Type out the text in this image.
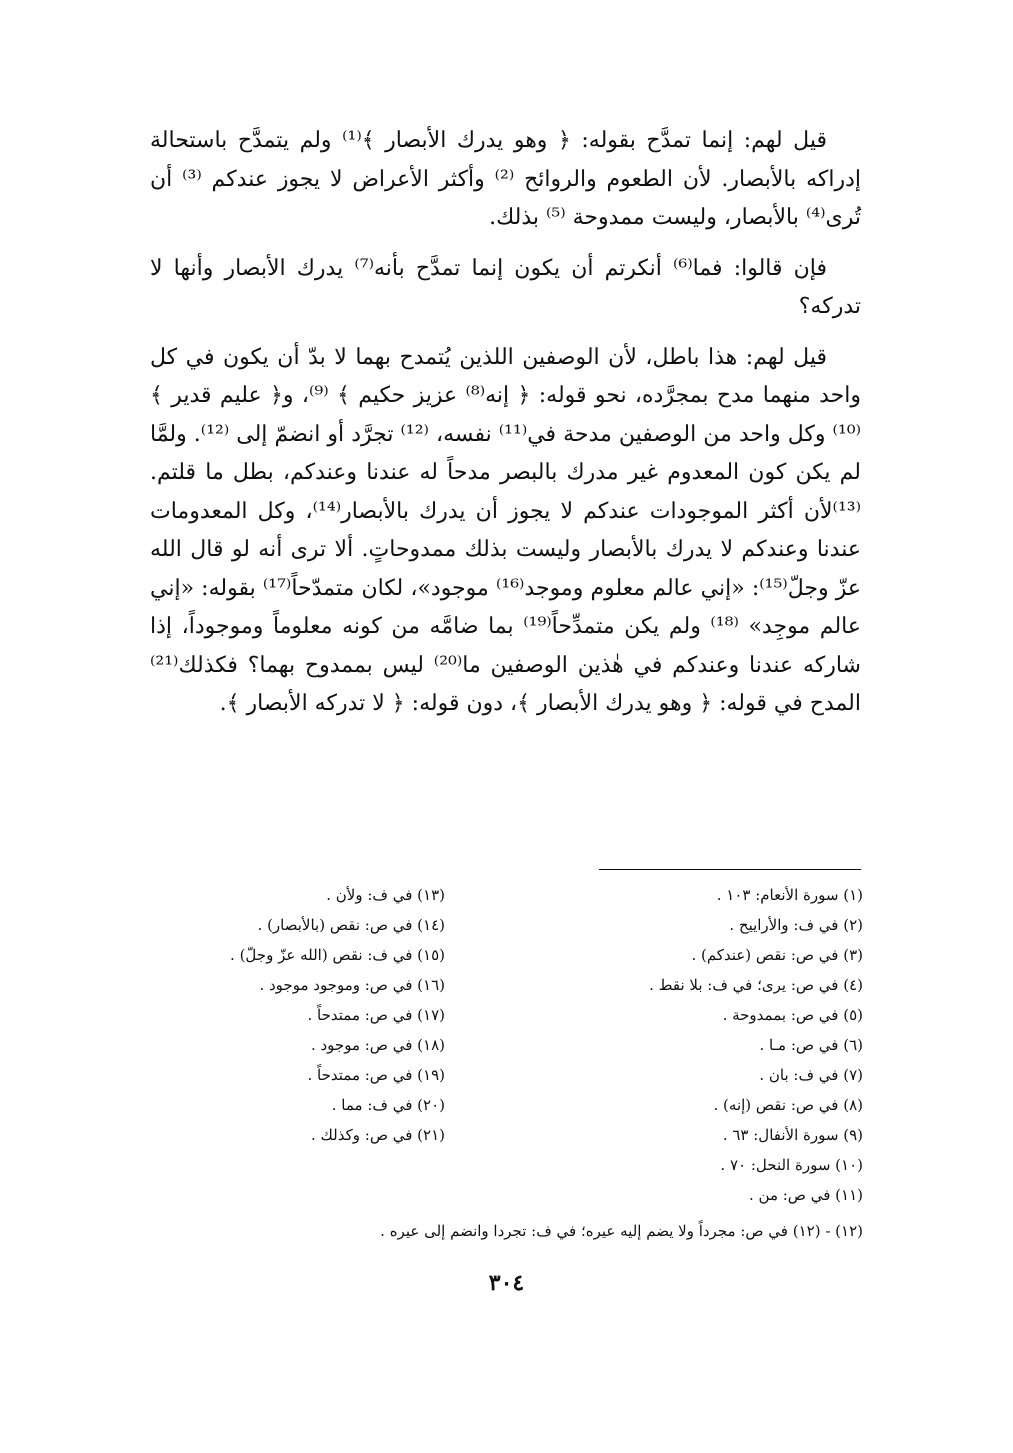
قيل لهم: إنما تمدَّح بقوله: ﴿ وهو يدرك الأبصار ﴾⁽¹⁾ ولم يتمدَّح باستحالة إدراكه بالأبصار. لأن الطعوم والروائح ⁽²⁾ وأكثر الأعراض لا يجوز عندكم ⁽³⁾ أن تُرى⁽⁴⁾ بالأبصار، وليست ممدوحة ⁽⁵⁾ بذلك.

فإن قالوا: فما⁽⁶⁾ أنكرتم أن يكون إنما تمدَّح بأنه⁽⁷⁾ يدرك الأبصار وأنها لا تدركه؟

قيل لهم: هذا باطل، لأن الوصفين اللذين يُتمدح بهما لا بدّ أن يكون في كل واحد منهما مدح بمجرَّده، نحو قوله: ﴿ إنه⁽⁸⁾ عزيز حكيم ﴾ ⁽⁹⁾، و﴿ عليم قدير ﴾⁽¹⁰⁾ وكل واحد من الوصفين مدحة في⁽¹¹⁾ نفسه، ⁽¹²⁾ تجرَّد أو انضمّ إلى ⁽¹²⁾. ولمَّا لم يكن كون المعدوم غير مدرك بالبصر مدحاً له عندنا وعندكم، بطل ما قلتم. ⁽¹³⁾لأن أكثر الموجودات عندكم لا يجوز أن يدرك بالأبصار⁽¹⁴⁾، وكل المعدومات عندنا وعندكم لا يدرك بالأبصار وليست بذلك ممدوحاتٍ. ألا ترى أنه لو قال الله عزّ وجلّ⁽¹⁵⁾: «إني عالم معلوم وموجد⁽¹⁶⁾ موجود»، لكان متمدّحاً⁽¹⁷⁾ بقوله: «إني عالم موجِد» ⁽¹⁸⁾ ولم يكن متمدِّحاً⁽¹⁹⁾ بما ضامَّه من كونه معلوماً وموجوداً، إذا شاركه عندنا وعندكم في هٰذين الوصفين ما⁽²⁰⁾ ليس بممدوح بهما؟ فكذلك⁽²¹⁾ المدح في قوله: ﴿ وهو يدرك الأبصار ﴾، دون قوله: ﴿ لا تدركه الأبصار ﴾.

(١) سورة الأنعام: ١٠٣ .

(٢) في ف: والأراييح .

(٣) في ص: نقص (عندكم) .

(٤) في ص: يرى؛ في ف: بلا نقط .

(٥) في ص: بممدوحة .

(٦) في ص: مـا .

(٧) في ف: بان .

(٨) في ص: نقص (إنه) .

(٩) سورة الأنفال: ٦٣ .

(١٠) سورة النحل: ٧٠ .

(١١) في ص: من .

(١٣) في ف: ولأن .

(١٤) في ص: نقص (بالأبصار) .

(١٥) في ف: نقص (الله عزّ وجلّ) .

(١٦) في ص: وموجود موجود .

(١٧) في ص: ممتدحاً .

(١٨) في ص: موجود .

(١٩) في ص: ممتدحاً .

(٢٠) في ف: مما .

(٢١) في ص: وكذلك .

(١٢) - (١٢) في ص: مجرداً ولا يضم إليه عيره؛ في ف: تجردا وانضم إلى عيره .
٣٠٤
